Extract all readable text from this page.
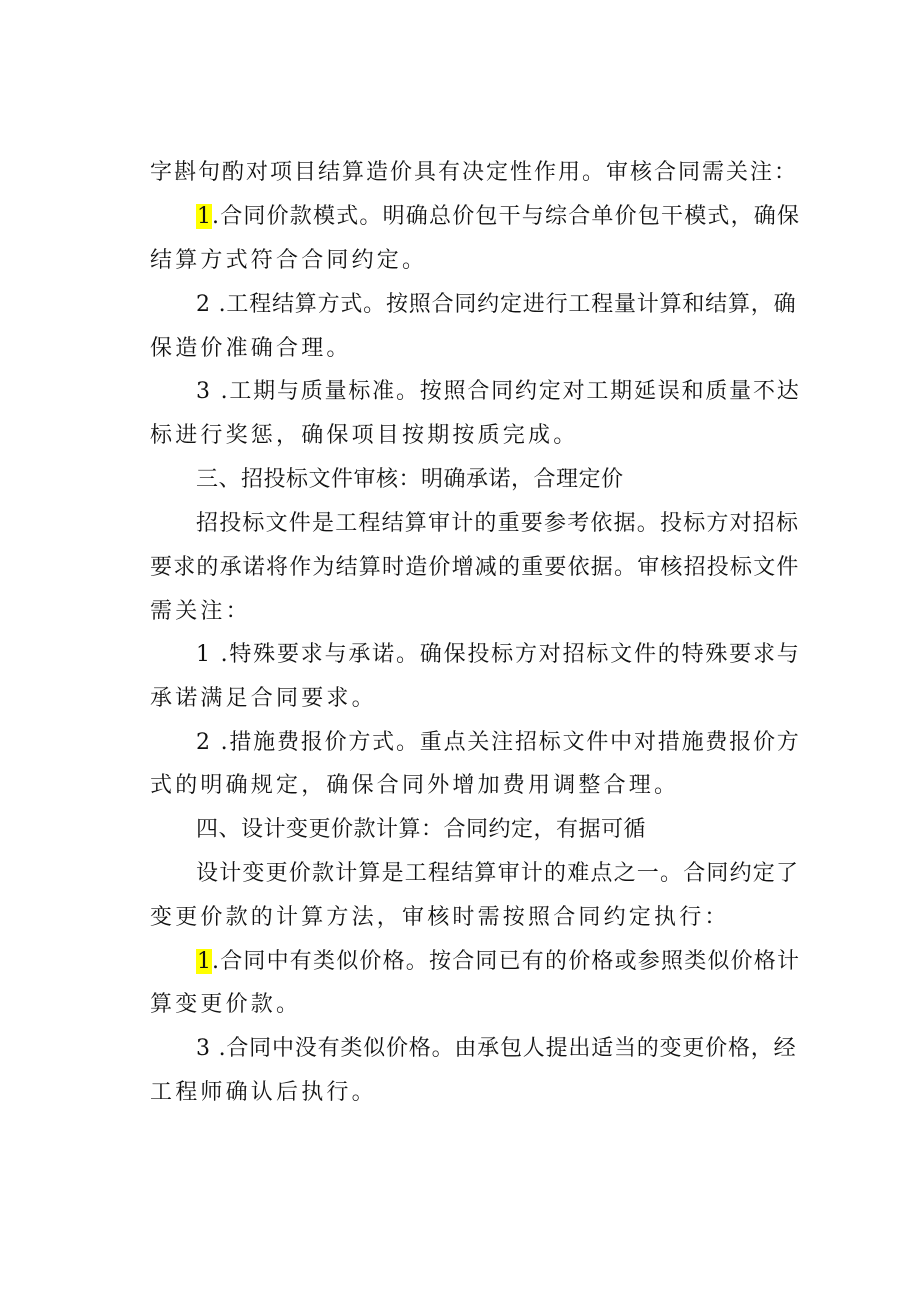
字斟句酌对项目结算造价具有决定性作用。审核合同需关注：
1.合同价款模式。明确总价包干与综合单价包干模式，确保
结算方式符合合同约定。
2 .工程结算方式。按照合同约定进行工程量计算和结算，确
保造价准确合理。
3 .工期与质量标准。按照合同约定对工期延误和质量不达
标进行奖惩，确保项目按期按质完成。
三、招投标文件审核：明确承诺，合理定价
招投标文件是工程结算审计的重要参考依据。投标方对招标
要求的承诺将作为结算时造价增减的重要依据。审核招投标文件
需关注：
1 .特殊要求与承诺。确保投标方对招标文件的特殊要求与
承诺满足合同要求。
2 .措施费报价方式。重点关注招标文件中对措施费报价方
式的明确规定，确保合同外增加费用调整合理。
四、设计变更价款计算：合同约定，有据可循
设计变更价款计算是工程结算审计的难点之一。合同约定了
变更价款的计算方法，审核时需按照合同约定执行：
1.合同中有类似价格。按合同已有的价格或参照类似价格计
算变更价款。
3 .合同中没有类似价格。由承包人提出适当的变更价格，经
工程师确认后执行。
